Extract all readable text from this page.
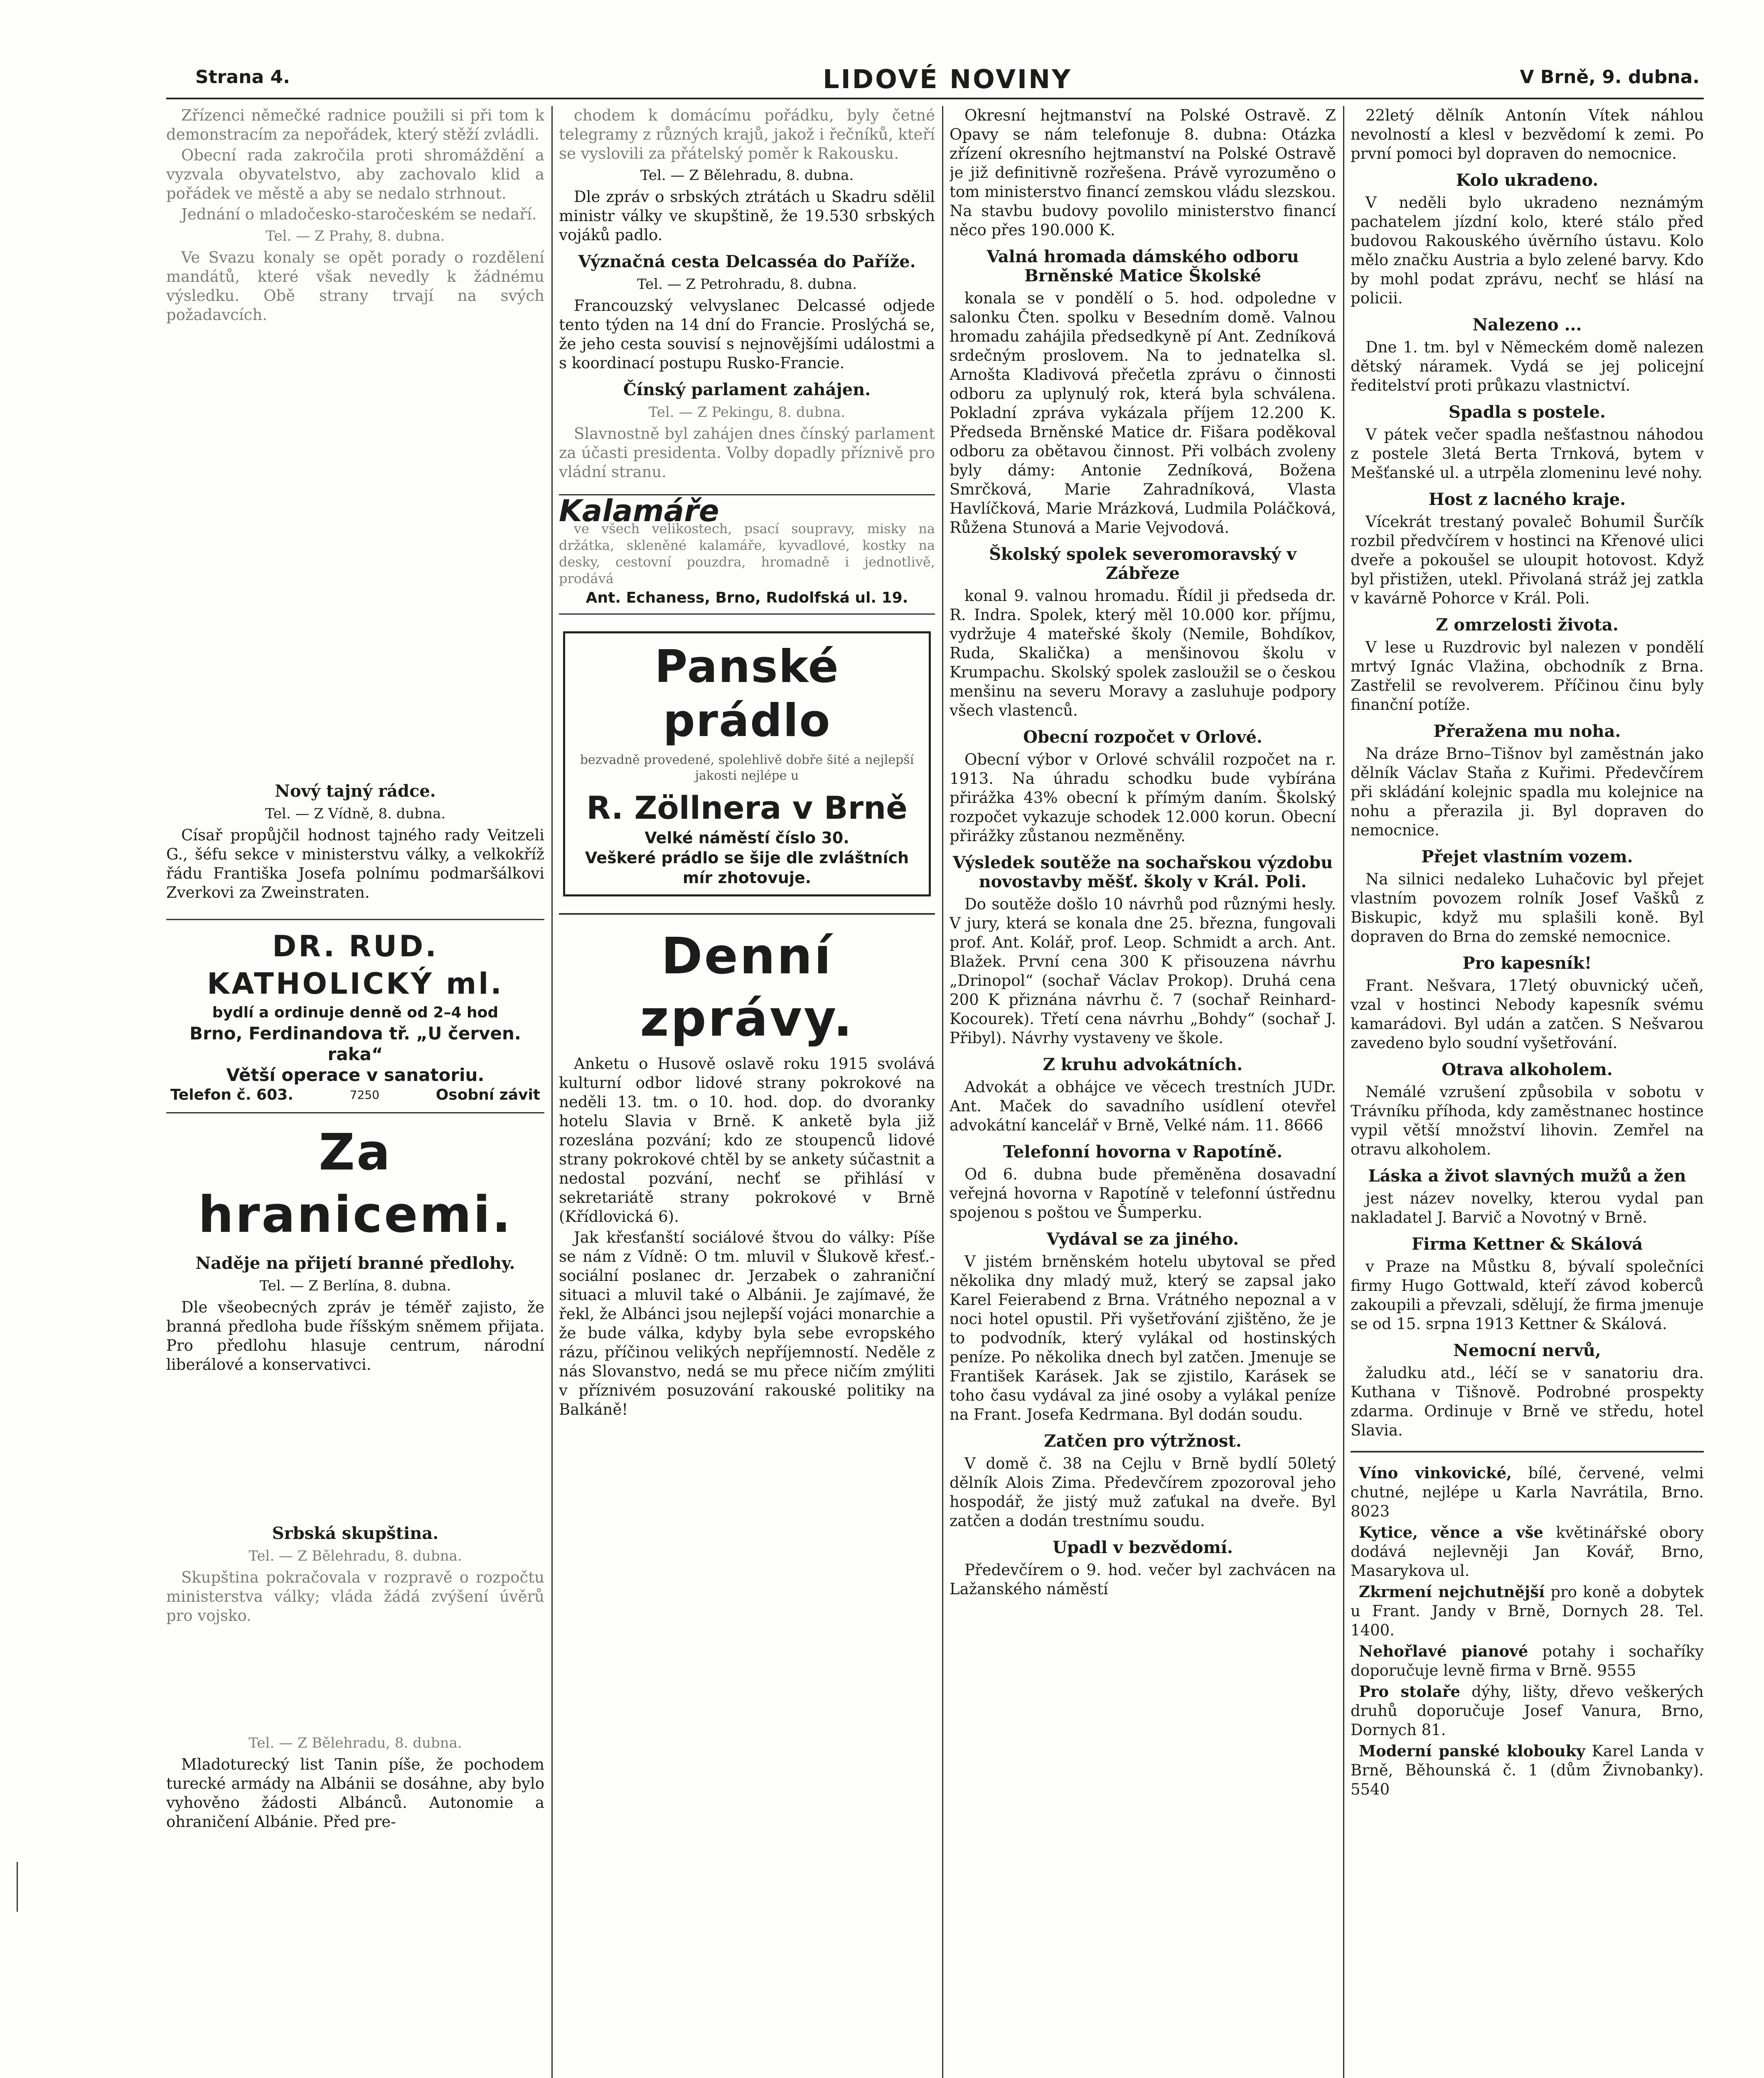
Strana 4.	LIDOVÉ NOVINY	V Brně, 9. dubna.

Zřízenci němečké radnice použili si při tom k demonstracím za nepořádek, který stěží zvládli.

Obecní rada zakročila proti shromáždění a vyzvala obyvatelstvo, aby zachovalo klid a pořádek ve městě a aby se nedalo strhnout.

Jednání o mladočesko-staročeském se nedaří.

Tel. — Z Prahy, 8. dubna.

Ve Svazu konaly se opět porady o rozdělení mandátů, které však nevedly k žádnému výsledku. Obě strany trvají na svých požadavcích.

Nový tajný rádce.
Tel. — Z Vídně, 8. dubna.

Císař propůjčil hodnost tajného rady Veitzeli G., šéfu sekce v ministerstvu války, a velkokříž řádu Františka Josefa polnímu podmaršálkovi Zverkovi za Zweinstraten.

DR. RUD. KATHOLICKÝ ml.
bydlí a ordinuje denně od 2–4 hod
Brno, Ferdinandova tř. „U červen. raka“
Větší operace v sanatoriu.
Telefon č. 603.	7250	Osobní závit
Za hranicemi.
Naděje na přijetí branné předlohy.
Tel. — Z Berlína, 8. dubna.

Dle všeobecných zpráv je téměř zajisto, že branná předloha bude říšským sněmem přijata. Pro předlohu hlasuje centrum, národní liberálové a konservativci.

Srbská skupština.
Tel. — Z Bělehradu, 8. dubna.

Skupština pokračovala v rozpravě o rozpočtu ministerstva války; vláda žádá zvýšení úvěrů pro vojsko.

Tel. — Z Bělehradu, 8. dubna.

Mladoturecký list Tanin píše, že pochodem turecké armády na Albánii se dosáhne, aby bylo vyhověno žádosti Albánců. Autonomie a ohraničení Albánie. Před pre-

chodem k domácímu pořádku, byly četné telegramy z různých krajů, jakož i řečníků, kteří se vyslovili za přátelský poměr k Rakousku.

Tel. — Z Bělehradu, 8. dubna.

Dle zpráv o srbských ztrátách u Skadru sdělil ministr války ve skupštině, že 19.530 srbských vojáků padlo.

Význačná cesta Delcasséa do Paříže.
Tel. — Z Petrohradu, 8. dubna.

Francouzský velvyslanec Delcassé odjede tento týden na 14 dní do Francie. Proslýchá se, že jeho cesta souvisí s nejnovějšími událostmi a s koordinací postupu Rusko-Francie.

Čínský parlament zahájen.
Tel. — Z Pekingu, 8. dubna.

Slavnostně byl zahájen dnes čínský parlament za účasti presidenta. Volby dopadly příznivě pro vládní stranu.

Kalamáře

ve všech velikostech, psací soupravy, misky na držátka, skleněné kalamáře, kyvadlové, kostky na desky, cestovní pouzdra, hromadně i jednotlivě, prodává

Ant. Echaness, Brno, Rudolfská ul. 19.
Panské prádlo
bezvadně provedené, spolehlivě dobře šité a nejlepší jakosti nejlépe u
R. Zöllnera v Brně
Velké náměstí číslo 30.
Veškeré prádlo se šije dle zvláštních mír zhotovuje.
Denní zprávy.

Anketu o Husově oslavě roku 1915 svolává kulturní odbor lidové strany pokrokové na neděli 13. tm. o 10. hod. dop. do dvoranky hotelu Slavia v Brně. K anketě byla již rozeslána pozvání; kdo ze stoupenců lidové strany pokrokové chtěl by se ankety súčastnit a nedostal pozvání, nechť se přihlásí v sekretariátě strany pokrokové v Brně (Křídlovická 6).

Jak křesťanští sociálové štvou do války: Píše se nám z Vídně: O tm. mluvil v Šlukově křesť.-sociální poslanec dr. Jerzabek o zahraniční situaci a mluvil také o Albánii. Je zajímavé, že řekl, že Albánci jsou nejlepší vojáci monarchie a že bude válka, kdyby byla sebe evropského rázu, příčinou velikých nepříjemností. Neděle z nás Slovanstvo, nedá se mu přece ničím zmýliti v příznivém posuzování rakouské politiky na Balkáně!

Okresní hejtmanství na Polské Ostravě. Z Opavy se nám telefonuje 8. dubna: Otázka zřízení okresního hejtmanství na Polské Ostravě je již definitivně rozřešena. Právě vyrozuměno o tom ministerstvo financí zemskou vládu slezskou. Na stavbu budovy povolilo ministerstvo financí něco přes 190.000 K.

Valná hromada dámského odboru Brněnské Matice Školské

konala se v pondělí o 5. hod. odpoledne v salonku Čten. spolku v Besedním domě. Valnou hromadu zahájila předsedkyně pí Ant. Zedníková srdečným proslovem. Na to jednatelka sl. Arnošta Kladivová přečetla zprávu o činnosti odboru za uplynulý rok, která byla schválena. Pokladní zpráva vykázala příjem 12.200 K. Předseda Brněnské Matice dr. Fišara poděkoval odboru za obětavou činnost. Při volbách zvoleny byly dámy: Antonie Zedníková, Božena Smrčková, Marie Zahradníková, Vlasta Havlíčková, Marie Mrázková, Ludmila Poláčková, Růžena Stunová a Marie Vejvodová.

Školský spolek severomoravský v Zábřeze

konal 9. valnou hromadu. Řídil ji předseda dr. R. Indra. Spolek, který měl 10.000 kor. příjmu, vydržuje 4 mateřské školy (Nemile, Bohdíkov, Ruda, Skalička) a menšinovou školu v Krumpachu. Skolský spolek zasloužil se o českou menšinu na severu Moravy a zasluhuje podpory všech vlastenců.

Obecní rozpočet v Orlové.

Obecní výbor v Orlové schválil rozpočet na r. 1913. Na úhradu schodku bude vybírána přirážka 43% obecní k přímým daním. Školský rozpočet vykazuje schodek 12.000 korun. Obecní přirážky zůstanou nezměněny.

Výsledek soutěže na sochařskou výzdobu novostavby měšť. školy v Král. Poli.

Do soutěže došlo 10 návrhů pod různými hesly. V jury, která se konala dne 25. března, fungovali prof. Ant. Kolář, prof. Leop. Schmidt a arch. Ant. Blažek. První cena 300 K přisouzena návrhu „Drinopol“ (sochař Václav Prokop). Druhá cena 200 K přiznána návrhu č. 7 (sochař Reinhard-Kocourek). Třetí cena návrhu „Bohdy“ (sochař J. Přibyl). Návrhy vystaveny ve škole.

Z kruhu advokátních.

Advokát a obhájce ve věcech trestních JUDr. Ant. Maček do savadního usídlení otevřel advokátní kancelář v Brně, Velké nám. 11. 8666

Telefonní hovorna v Rapotíně.

Od 6. dubna bude přeměněna dosavadní veřejná hovorna v Rapotíně v telefonní ústřednu spojenou s poštou ve Šumperku.

Vydával se za jiného.

V jistém brněnském hotelu ubytoval se před několika dny mladý muž, který se zapsal jako Karel Feierabend z Brna. Vrátného nepoznal a v noci hotel opustil. Při vyšetřování zjištěno, že je to podvodník, který vylákal od hostinských peníze. Po několika dnech byl zatčen. Jmenuje se František Karásek. Jak se zjistilo, Karásek se toho času vydával za jiné osoby a vylákal peníze na Frant. Josefa Kedrmana. Byl dodán soudu.

Zatčen pro výtržnost.

V domě č. 38 na Cejlu v Brně bydlí 50letý dělník Alois Zima. Předevčírem zpozoroval jeho hospodář, že jistý muž zaťukal na dveře. Byl zatčen a dodán trestnímu soudu.

Upadl v bezvědomí.

Předevčírem o 9. hod. večer byl zachvácen na Lažanského náměstí

22letý dělník Antonín Vítek náhlou nevolností a klesl v bezvědomí k zemi. Po první pomoci byl dopraven do nemocnice.

Kolo ukradeno.

V neděli bylo ukradeno neznámým pachatelem jízdní kolo, které stálo před budovou Rakouského úvěrního ústavu. Kolo mělo značku Austria a bylo zelené barvy. Kdo by mohl podat zprávu, nechť se hlásí na policii.

Nalezeno ...

Dne 1. tm. byl v Německém domě nalezen dětský náramek. Vydá se jej policejní ředitelství proti průkazu vlastnictví.

Spadla s postele.

V pátek večer spadla nešťastnou náhodou z postele 3letá Berta Trnková, bytem v Mešťanské ul. a utrpěla zlomeninu levé nohy.

Host z lacného kraje.

Vícekrát trestaný povaleč Bohumil Šurčík rozbil předvčírem v hostinci na Křenové ulici dveře a pokoušel se uloupit hotovost. Když byl přistižen, utekl. Přivolaná stráž jej zatkla v kavárně Pohorce v Král. Poli.

Z omrzelosti života.

V lese u Ruzdrovic byl nalezen v pondělí mrtvý Ignác Vlažina, obchodník z Brna. Zastřelil se revolverem. Příčinou činu byly finanční potíže.

Přeražena mu noha.

Na dráze Brno–Tišnov byl zaměstnán jako dělník Václav Staňa z Kuřimi. Předevčírem při skládání kolejnic spadla mu kolejnice na nohu a přerazila ji. Byl dopraven do nemocnice.

Přejet vlastním vozem.

Na silnici nedaleko Luhačovic byl přejet vlastním povozem rolník Josef Vašků z Biskupic, když mu splašili koně. Byl dopraven do Brna do zemské nemocnice.

Pro kapesník!

Frant. Nešvara, 17letý obuvnický učeň, vzal v hostinci Nebody kapesník svému kamarádovi. Byl udán a zatčen. S Nešvarou zavedeno bylo soudní vyšetřování.

Otrava alkoholem.

Nemálé vzrušení způsobila v sobotu v Trávníku příhoda, kdy zaměstnanec hostince vypil větší množství lihovin. Zemřel na otravu alkoholem.

Láska a život slavných mužů a žen

jest název novelky, kterou vydal pan nakladatel J. Barvič a Novotný v Brně.

Firma Kettner & Skálová

v Praze na Můstku 8, bývalí společníci firmy Hugo Gottwald, kteří závod koberců zakoupili a převzali, sdělují, že firma jmenuje se od 15. srpna 1913 Kettner & Skálová.

Nemocní nervů,

žaludku atd., léčí se v sanatoriu dra. Kuthana v Tišnově. Podrobné prospekty zdarma. Ordinuje v Brně ve středu, hotel Slavia.

Víno vinkovické, bílé, červené, velmi chutné, nejlépe u Karla Navrátila, Brno. 8023

Kytice, věnce a vše květinářské obory dodává nejlevněji Jan Kovář, Brno, Masarykova ul.

Zkrmení nejchutnější pro koně a dobytek u Frant. Jandy v Brně, Dornych 28. Tel. 1400.

Nehořlavé pianové potahy i sochaříky doporučuje levně firma v Brně. 9555

Pro stolaře dýhy, lišty, dřevo veškerých druhů doporučuje Josef Vanura, Brno, Dornych 81.

Moderní panské klobouky Karel Landa v Brně, Běhounská č. 1 (dům Živnobanky). 5540
